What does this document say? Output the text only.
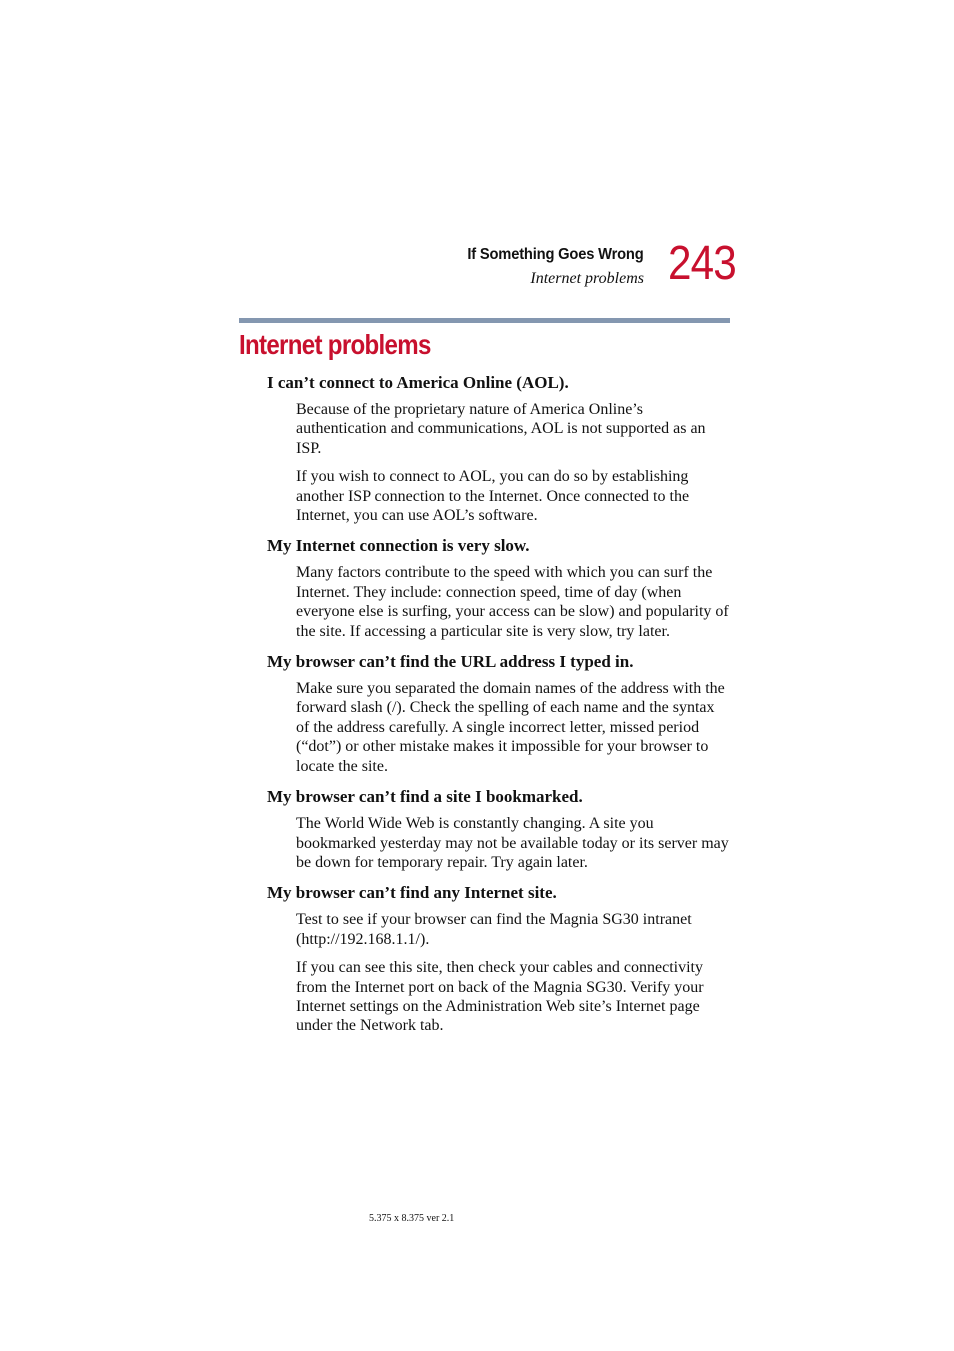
If Something Goes Wrong
Internet problems 243
Internet problems
I can’t connect to America Online (AOL).

Because of the proprietary nature of America Online’s authentication and communications, AOL is not supported as an ISP.

If you wish to connect to AOL, you can do so by establishing another ISP connection to the Internet. Once connected to the Internet, you can use AOL’s software.

My Internet connection is very slow.

Many factors contribute to the speed with which you can surf the Internet. They include: connection speed, time of day (when everyone else is surfing, your access can be slow) and popularity of the site. If accessing a particular site is very slow, try later.

My browser can’t find the URL address I typed in.

Make sure you separated the domain names of the address with the forward slash (/). Check the spelling of each name and the syntax of the address carefully. A single incorrect letter, missed period (“dot”) or other mistake makes it impossible for your browser to locate the site.

My browser can’t find a site I bookmarked.

The World Wide Web is constantly changing. A site you bookmarked yesterday may not be available today or its server may be down for temporary repair. Try again later.

My browser can’t find any Internet site.

Test to see if your browser can find the Magnia SG30 intranet (http://192.168.1.1/).

If you can see this site, then check your cables and connectivity from the Internet port on back of the Magnia SG30. Verify your Internet settings on the Administration Web site’s Internet page under the Network tab.

5.375 x 8.375 ver 2.1
